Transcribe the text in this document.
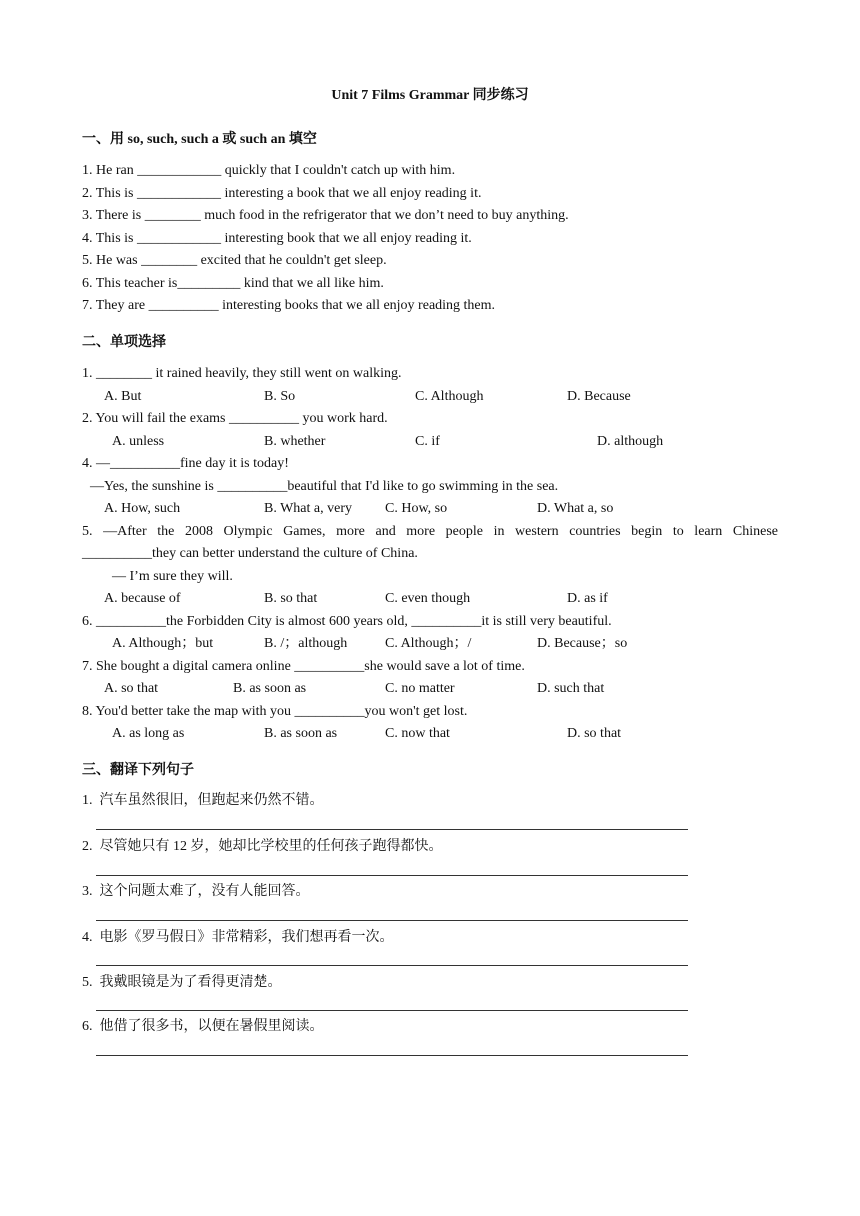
Unit 7 Films Grammar 同步练习
一、用 so, such, such a 或 such an 填空
1. He ran ____________ quickly that I couldn't catch up with him.
2. This is ____________ interesting a book that we all enjoy reading it.
3. There is ________ much food in the refrigerator that we don’t need to buy anything.
4. This is ____________ interesting book that we all enjoy reading it.
5. He was ________ excited that he couldn't get sleep.
6. This teacher is_________ kind that we all like him.
7. They are __________ interesting books that we all enjoy reading them.
二、单项选择
1. ________ it rained heavily, they still went on walking.
A. But	B. So	C. Although	D. Because
2. You will fail the exams __________ you work hard.
A. unless	B. whether	C. if	D. although
4. —__________fine day it is today!
—Yes, the sunshine is __________beautiful that I'd like to go swimming in the sea.
A. How, such	B. What a, very C. How, so	D. What a, so
5. —After the 2008 Olympic Games, more and more people in western countries begin to learn Chinese
__________they can better understand the culture of China.
— I’m sure they will.
A. because of	B. so that	C. even though	D. as if
6. __________the Forbidden City is almost 600 years old, __________it is still very beautiful.
A. Although；but	B. /；although	C. Although；/	D. Because；so
7. She bought a digital camera online __________she would save a lot of time.
A. so that	B. as soon as	C. no matter	D. such that
8. You'd better take the map with you __________you won't get lost.
A. as long as	B. as soon as	C. now that	D. so that
三、翻译下列句子
1.  汽车虽然很旧，但跑起来仍然不错。
2.  尽管她只有 12 岁，她却比学校里的任何孩子跑得都快。
3.  这个问题太难了，没有人能回答。
4.  电影《罗马假日》非常精彩，我们想再看一次。
5.  我戴眼镜是为了看得更清楚。
6.  他借了很多书，以便在暑假里阅读。
